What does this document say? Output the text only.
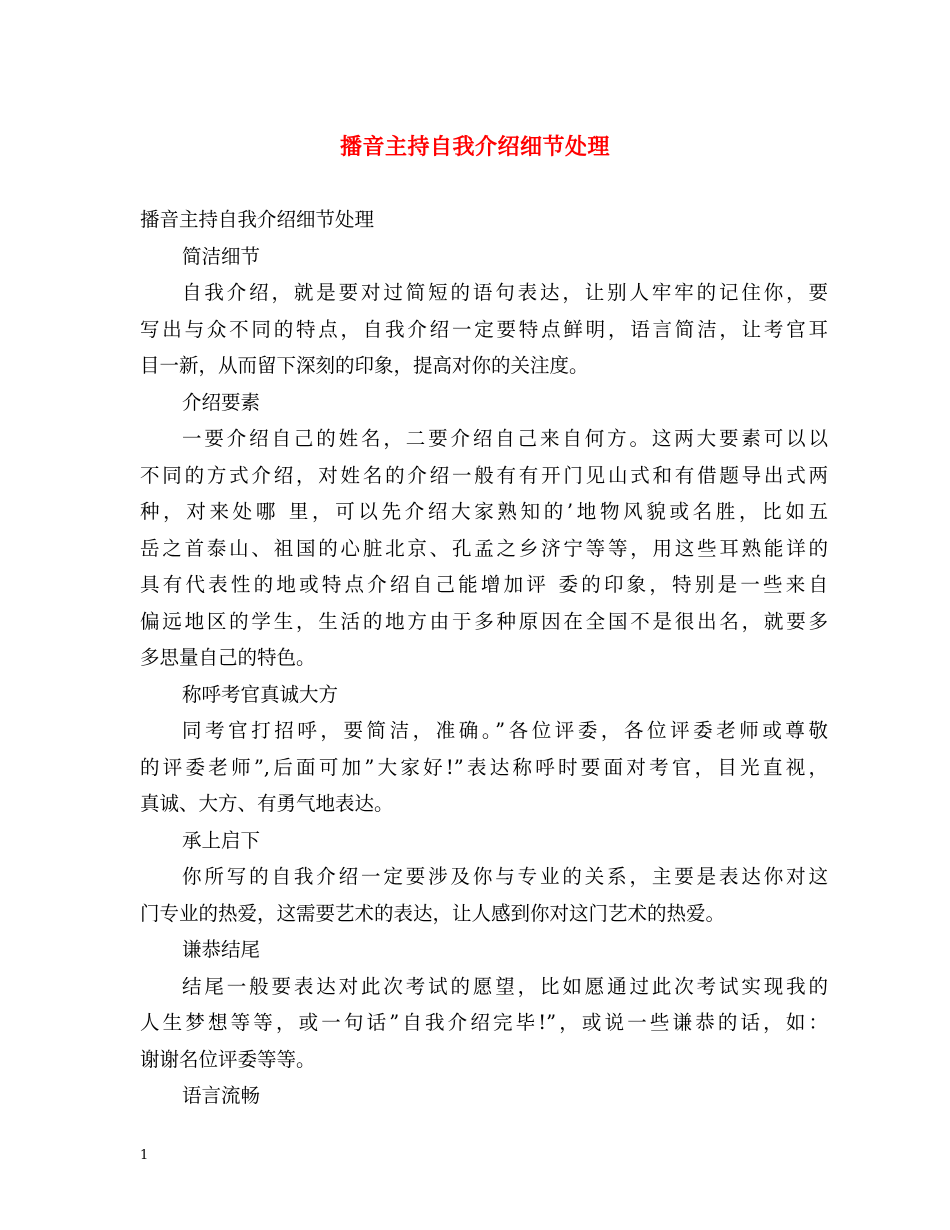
播音主持自我介绍细节处理
播音主持自我介绍细节处理
简洁细节
自我介绍，就是要对过简短的语句表达，让别人牢牢的记住你，要
写出与众不同的特点，自我介绍一定要特点鲜明，语言简洁，让考官耳
目一新，从而留下深刻的印象，提高对你的关注度。
介绍要素
一要介绍自己的姓名，二要介绍自己来自何方。这两大要素可以以
不同的方式介绍，对姓名的介绍一般有有开门见山式和有借题导出式两
种，对来处哪 里，可以先介绍大家熟知的’地物风貌或名胜，比如五
岳之首泰山、祖国的心脏北京、孔孟之乡济宁等等，用这些耳熟能详的
具有代表性的地或特点介绍自己能增加评 委的印象，特别是一些来自
偏远地区的学生，生活的地方由于多种原因在全国不是很出名，就要多
多思量自己的特色。
称呼考官真诚大方
同考官打招呼，要简洁，准确。”各位评委，各位评委老师或尊敬
的评委老师”,后面可加”大家好!”表达称呼时要面对考官，目光直视，
真诚、大方、有勇气地表达。
承上启下
你所写的自我介绍一定要涉及你与专业的关系，主要是表达你对这
门专业的热爱，这需要艺术的表达，让人感到你对这门艺术的热爱。
谦恭结尾
结尾一般要表达对此次考试的愿望，比如愿通过此次考试实现我的
人生梦想等等，或一句话”自我介绍完毕!”，或说一些谦恭的话，如：
谢谢名位评委等等。
语言流畅
1
